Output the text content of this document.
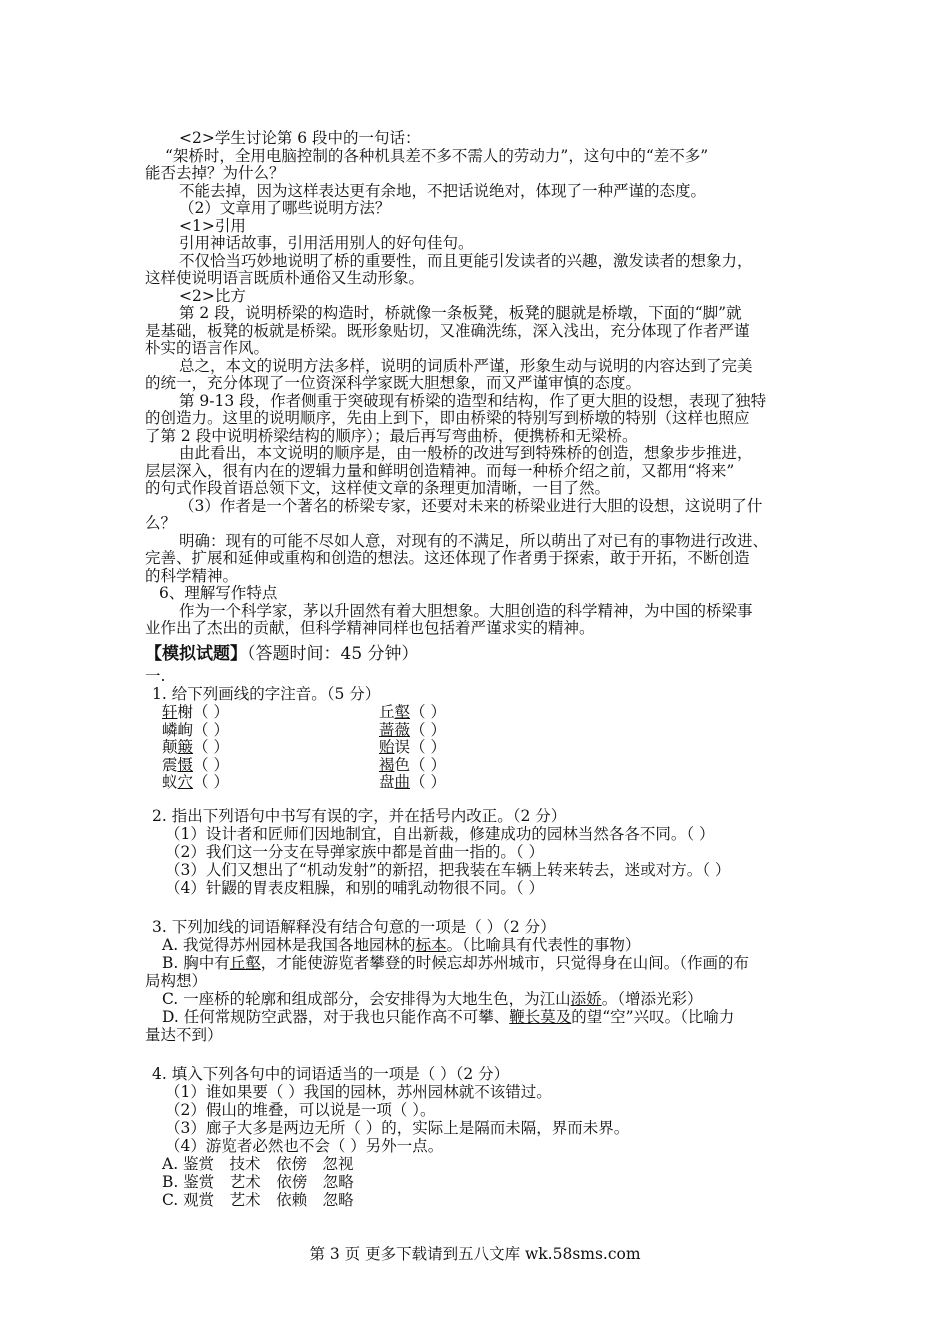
<2>学生讨论第 6 段中的一句话：
“架桥时，全用电脑控制的各种机具差不多不需人的劳动力”，这句中的“差不多”
能否去掉？为什么？
不能去掉，因为这样表达更有余地，不把话说绝对，体现了一种严谨的态度。
（2）文章用了哪些说明方法？
<1>引用
引用神话故事，引用活用别人的好句佳句。
不仅恰当巧妙地说明了桥的重要性，而且更能引发读者的兴趣，激发读者的想象力，
这样使说明语言既质朴通俗又生动形象。
<2>比方
第 2 段，说明桥梁的构造时，桥就像一条板凳，板凳的腿就是桥墩，下面的“脚”就
是基础，板凳的板就是桥梁。既形象贴切，又准确洗练，深入浅出，充分体现了作者严谨
朴实的语言作风。
总之，本文的说明方法多样，说明的词质朴严谨，形象生动与说明的内容达到了完美
的统一，充分体现了一位资深科学家既大胆想象，而又严谨审慎的态度。
第 9-13 段，作者侧重于突破现有桥梁的造型和结构，作了更大胆的设想，表现了独特
的创造力。这里的说明顺序，先由上到下，即由桥梁的特别写到桥墩的特别（这样也照应
了第 2 段中说明桥梁结构的顺序）；最后再写弯曲桥，便携桥和无梁桥。
由此看出，本文说明的顺序是，由一般桥的改进写到特殊桥的创造，想象步步推进，
层层深入，很有内在的逻辑力量和鲜明创造精神。而每一种桥介绍之前，又都用“将来”
的句式作段首语总领下文，这样使文章的条理更加清晰，一目了然。
（3）作者是一个著名的桥梁专家，还要对未来的桥梁业进行大胆的设想，这说明了什
么？
明确：现有的可能不尽如人意，对现有的不满足，所以萌出了对已有的事物进行改进、
完善、扩展和延伸或重构和创造的想法。这还体现了作者勇于探索，敢于开拓，不断创造
的科学精神。
6、理解写作特点
作为一个科学家，茅以升固然有着大胆想象。大胆创造的科学精神，为中国的桥梁事
业作出了杰出的贡献，但科学精神同样也包括着严谨求实的精神。
【模拟试题】（答题时间：45 分钟）
一.
1. 给下列画线的字注音。（5 分）
轩榭（ ）
嶙峋（ ）
颠簸（ ）
震慑（ ）
蚁穴（ ）
丘壑（ ）
蔷薇（ ）
贻误（ ）
褐色（ ）
盘曲（ ）
2. 指出下列语句中书写有误的字，并在括号内改正。（2 分）
（1）设计者和匠师们因地制宜，自出新裁，修建成功的园林当然各各不同。（ ）
（2）我们这一分支在导弹家族中都是首曲一指的。（ ）
（3）人们又想出了“机动发射”的新招，把我装在车辆上转来转去，迷或对方。（ ）
（4）针鼹的胃表皮粗臊，和别的哺乳动物很不同。（ ）
3. 下列加线的词语解释没有结合句意的一项是（ ）（2 分）
A. 我觉得苏州园林是我国各地园林的标本。（比喻具有代表性的事物）
B. 胸中有丘壑，才能使游览者攀登的时候忘却苏州城市，只觉得身在山间。（作画的布
局构想）
C. 一座桥的轮廓和组成部分，会安排得为大地生色，为江山添娇。（增添光彩）
D. 任何常规防空武器，对于我也只能作高不可攀、鞭长莫及的望“空”兴叹。（比喻力
量达不到）
4. 填入下列各句中的词语适当的一项是（ ）（2 分）
（1）谁如果要（ ）我国的园林，苏州园林就不该错过。
（2）假山的堆叠，可以说是一项（ ）。
（3）廊子大多是两边无所（ ）的，实际上是隔而未隔，界而未界。
（4）游览者必然也不会（ ）另外一点。
A. 鉴赏　技术　依傍　忽视
B. 鉴赏　艺术　依傍　忽略
C. 观赏　艺术　依赖　忽略
第 3 页 更多下载请到五八文库 wk.58sms.com
